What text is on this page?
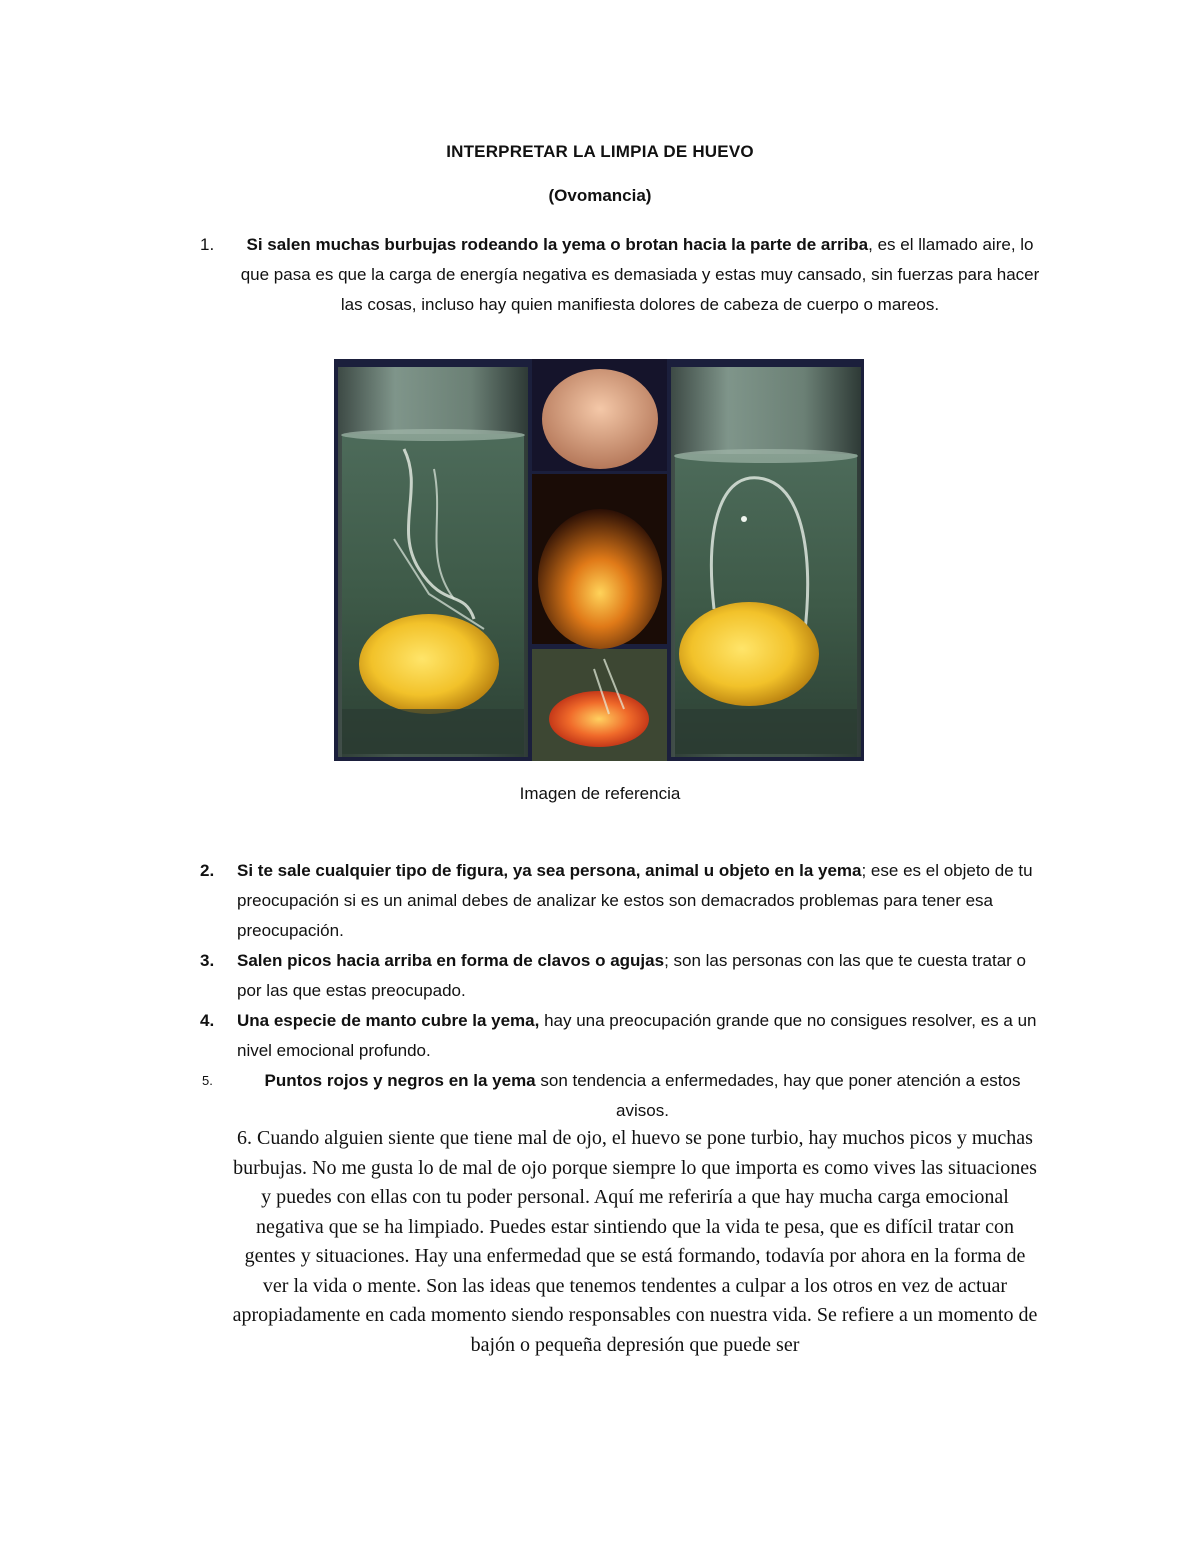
INTERPRETAR LA LIMPIA DE HUEVO
(Ovomancia)
1.	Si salen muchas burbujas rodeando la yema o brotan hacia la parte de arriba, es el llamado aire, lo que pasa es que la carga de energía negativa es demasiada y estas muy cansado, sin fuerzas para hacer las cosas, incluso hay quien manifiesta dolores de cabeza de cuerpo o mareos.
Imagen de referencia
2. Si te sale cualquier tipo de figura, ya sea persona, animal u objeto en la yema; ese es el objeto de tu preocupación si es un animal debes de analizar ke estos son demacrados problemas para tener esa preocupación.
3. Salen picos hacia arriba en forma de clavos o agujas; son las personas con las que te cuesta tratar o por las que estas preocupado.
4. Una especie de manto cubre la yema, hay una preocupación grande que no consigues resolver, es a un nivel emocional profundo.
5.	Puntos rojos y negros en la yema son tendencia a enfermedades, hay que poner atención a estos avisos.
6. Cuando alguien siente que tiene mal de ojo, el huevo se pone turbio, hay muchos picos y muchas burbujas. No me gusta lo de mal de ojo porque siempre lo que importa es como vives las situaciones y puedes con ellas con tu poder personal. Aquí me referiría a que hay mucha carga emocional negativa que se ha limpiado. Puedes estar sintiendo que la vida te pesa, que es difícil tratar con gentes y situaciones. Hay una enfermedad que se está formando, todavía por ahora en la forma de ver la vida o mente. Son las ideas que tenemos tendentes a culpar a los otros en vez de actuar apropiadamente en cada momento siendo responsables con nuestra vida. Se refiere a un momento de bajón o pequeña depresión que puede ser
